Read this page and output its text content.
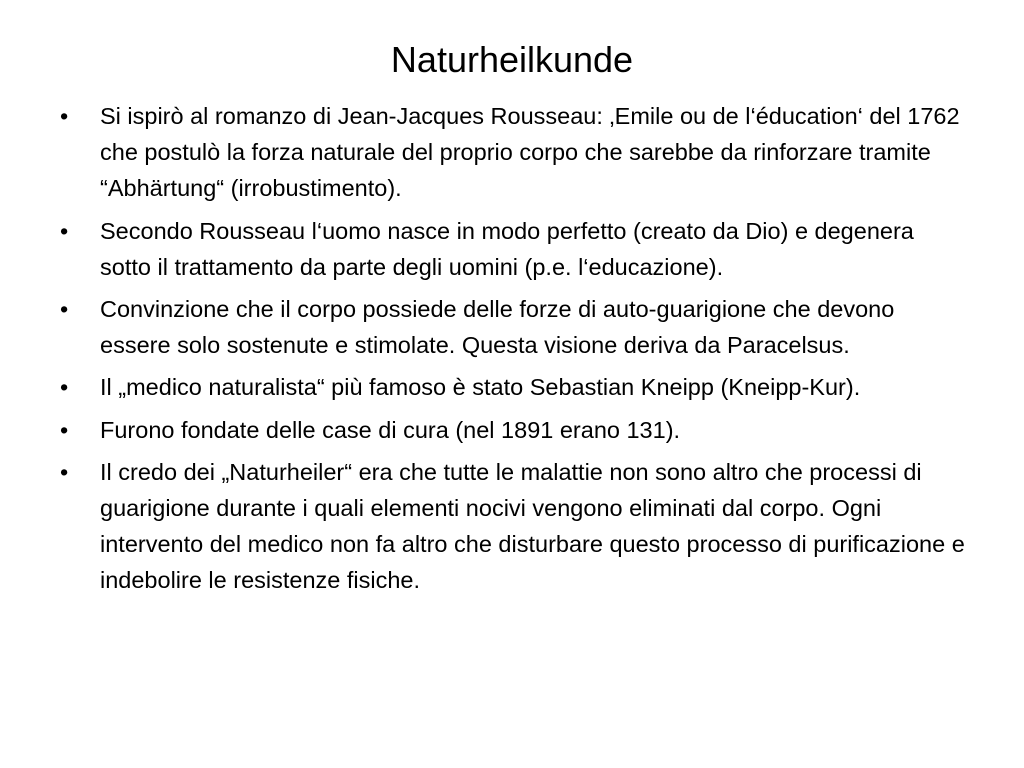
Naturheilkunde
•	Si ispirò al romanzo di Jean-Jacques Rousseau: ‚Emile ou de l‘éducation‘ del 1762 che postulò la forza naturale del proprio corpo che sarebbe da rinforzare tramite “Abhärtung“ (irrobustimento).
•	Secondo Rousseau l‘uomo nasce in modo perfetto (creato da Dio) e degenera sotto il trattamento da parte degli uomini (p.e. l‘educazione).
•	Convinzione che il corpo possiede delle forze di auto-guarigione che devono essere solo sostenute e stimolate. Questa visione deriva da Paracelsus.
•	Il „medico naturalista“ più famoso è stato Sebastian Kneipp (Kneipp-Kur).
•	Furono fondate delle case di cura (nel 1891 erano 131).
•	Il credo dei „Naturheiler“ era che tutte le malattie non sono altro che processi di guarigione durante i quali elementi nocivi vengono eliminati dal corpo. Ogni intervento del medico non fa altro che disturbare questo processo di purificazione e indebolire le resistenze fisiche.
